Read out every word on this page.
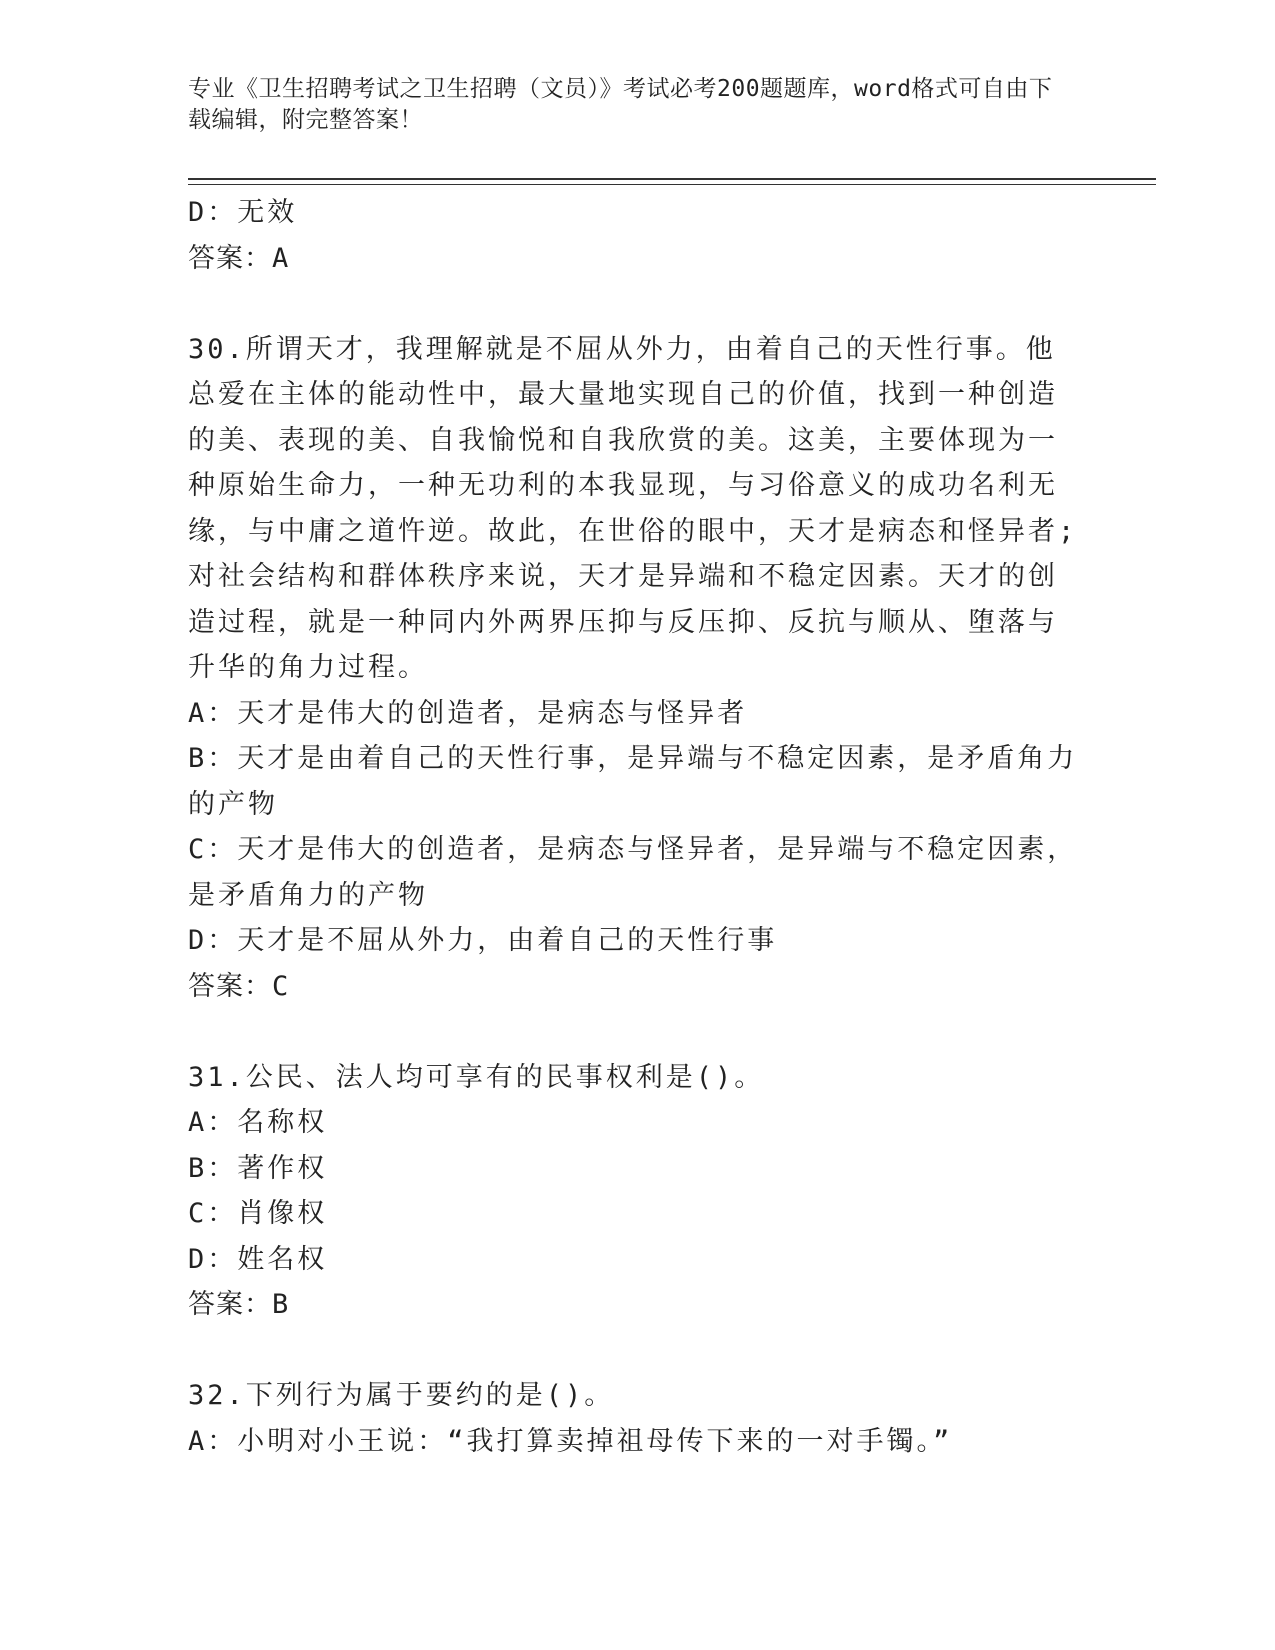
专业《卫生招聘考试之卫生招聘（文员）》考试必考200题题库，word格式可自由下载编辑，附完整答案！
D：无效
答案：A
30.所谓天才，我理解就是不屈从外力，由着自己的天性行事。他总爱在主体的能动性中，最大量地实现自己的价值，找到一种创造的美、表现的美、自我愉悦和自我欣赏的美。这美，主要体现为一种原始生命力，一种无功利的本我显现，与习俗意义的成功名利无缘，与中庸之道忤逆。故此，在世俗的眼中，天才是病态和怪异者;对社会结构和群体秩序来说，天才是异端和不稳定因素。天才的创造过程，就是一种同内外两界压抑与反压抑、反抗与顺从、堕落与升华的角力过程。
A：天才是伟大的创造者，是病态与怪异者
B：天才是由着自己的天性行事，是异端与不稳定因素，是矛盾角力的产物
C：天才是伟大的创造者，是病态与怪异者，是异端与不稳定因素，是矛盾角力的产物
D：天才是不屈从外力，由着自己的天性行事
答案：C
31.公民、法人均可享有的民事权利是()。
A：名称权
B：著作权
C：肖像权
D：姓名权
答案：B
32.下列行为属于要约的是()。
A：小明对小王说：“我打算卖掉祖母传下来的一对手镯。”
